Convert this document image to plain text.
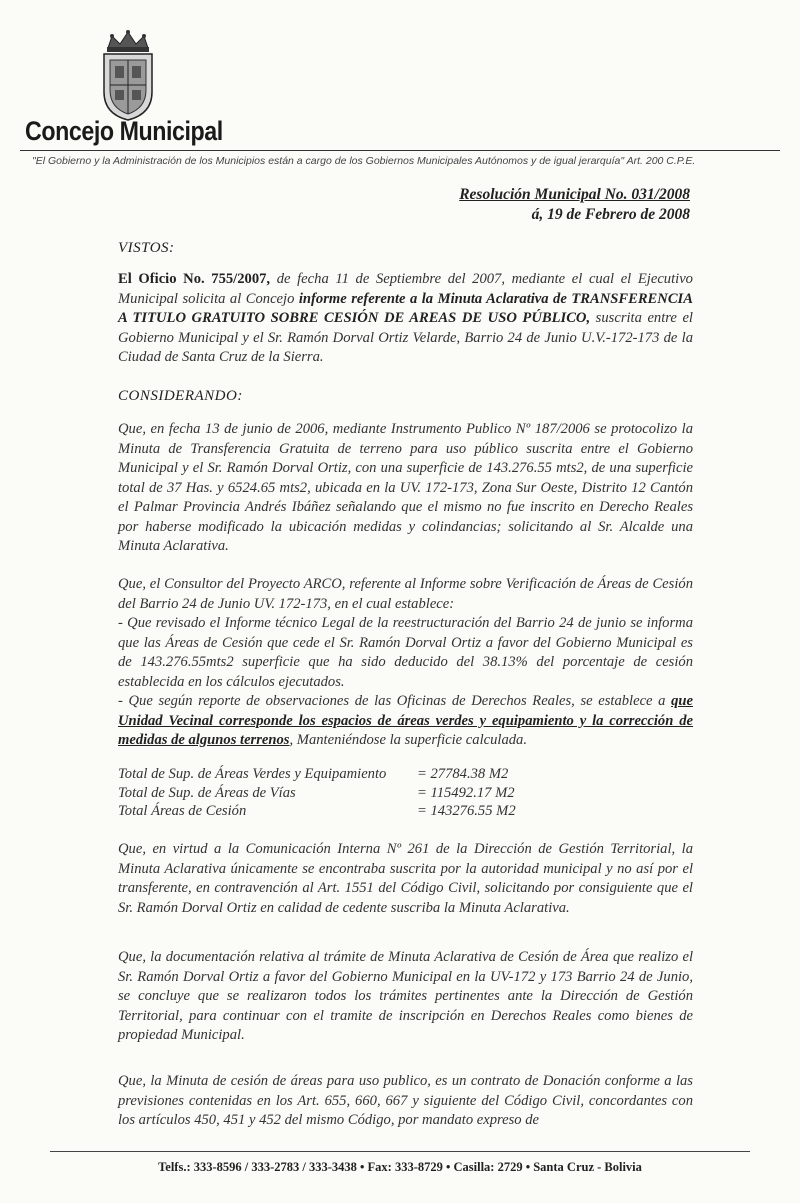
Concejo Municipal
"El Gobierno y la Administración de los Municipios están a cargo de los Gobiernos Municipales Autónomos y de igual jerarquía" Art. 200 C.P.E.
Resolución Municipal No. 031/2008
á, 19 de Febrero de 2008
VISTOS:
El Oficio No. 755/2007, de fecha 11 de Septiembre del 2007, mediante el cual el Ejecutivo Municipal solicita al Concejo informe referente a la Minuta Aclarativa de TRANSFERENCIA A TITULO GRATUITO SOBRE CESIÓN DE AREAS DE USO PÚBLICO, suscrita entre el Gobierno Municipal y el Sr. Ramón Dorval Ortiz Velarde, Barrio 24 de Junio U.V.-172-173 de la Ciudad de Santa Cruz de la Sierra.
CONSIDERANDO:
Que, en fecha 13 de junio de 2006, mediante Instrumento Publico Nº 187/2006 se protocolizo la Minuta de Transferencia Gratuita de terreno para uso público suscrita entre el Gobierno Municipal y el Sr. Ramón Dorval Ortiz, con una superficie de 143.276.55 mts2, de una superficie total de 37 Has. y 6524.65 mts2, ubicada en la UV. 172-173, Zona Sur Oeste, Distrito 12 Cantón el Palmar Provincia Andrés Ibáñez señalando que el mismo no fue inscrito en Derecho Reales por haberse modificado la ubicación medidas y colindancias; solicitando al Sr. Alcalde una Minuta Aclarativa.
Que, el Consultor del Proyecto ARCO, referente al Informe sobre Verificación de Áreas de Cesión del Barrio 24 de Junio UV. 172-173, en el cual establece:
- Que revisado el Informe técnico Legal de la reestructuración del Barrio 24 de junio se informa que las Áreas de Cesión que cede el Sr. Ramón Dorval Ortiz a favor del Gobierno Municipal es de 143.276.55mts2 superficie que ha sido deducido del 38.13% del porcentaje de cesión establecida en los cálculos ejecutados.
- Que según reporte de observaciones de las Oficinas de Derechos Reales, se establece a que Unidad Vecinal corresponde los espacios de áreas verdes y equipamiento y la corrección de medidas de algunos terrenos, Manteniéndose la superficie calculada.
Total de Sup. de Áreas Verdes y Equipamiento	= 27784.38 M2
Total de Sup. de Áreas de Vías	= 115492.17 M2
Total Áreas de Cesión	= 143276.55 M2
Que, en virtud a la Comunicación Interna Nº 261 de la Dirección de Gestión Territorial, la Minuta Aclarativa únicamente se encontraba suscrita por la autoridad municipal y no así por el transferente, en contravención al Art. 1551 del Código Civil, solicitando por consiguiente que el Sr. Ramón Dorval Ortiz en calidad de cedente suscriba la Minuta Aclarativa.
Que, la documentación relativa al trámite de Minuta Aclarativa de Cesión de Área que realizo el Sr. Ramón Dorval Ortiz a favor del Gobierno Municipal en la UV-172 y 173 Barrio 24 de Junio, se concluye que se realizaron todos los trámites pertinentes ante la Dirección de Gestión Territorial, para continuar con el tramite de inscripción en Derechos Reales como bienes de propiedad Municipal.
Que, la Minuta de cesión de áreas para uso publico, es un contrato de Donación conforme a las previsiones contenidas en los Art. 655, 660, 667 y siguiente del Código Civil, concordantes con los artículos 450, 451 y 452 del mismo Código, por mandato expreso de
Telfs.: 333-8596 / 333-2783 / 333-3438 • Fax: 333-8729 • Casilla: 2729 • Santa Cruz - Bolivia
